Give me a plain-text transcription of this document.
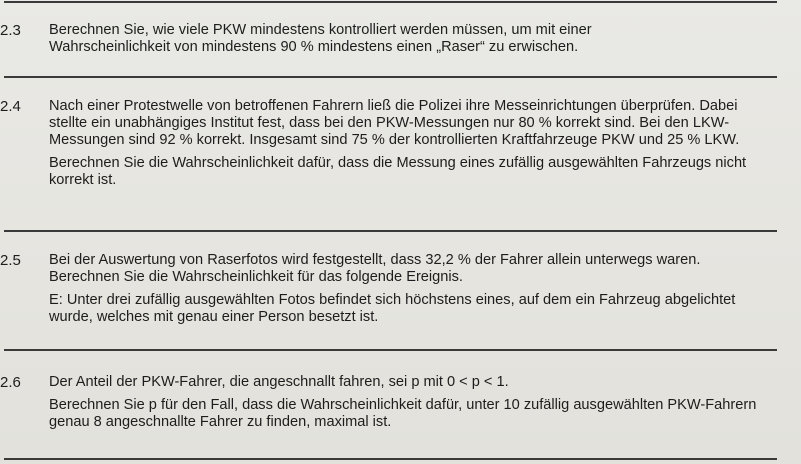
2.3 Berechnen Sie, wie viele PKW mindestens kontrolliert werden müssen, um mit einer Wahrscheinlichkeit von mindestens 90 % mindestens einen „Raser“ zu erwischen.

2.4 Nach einer Protestwelle von betroffenen Fahrern ließ die Polizei ihre Messeinrichtungen überprüfen. Dabei stellte ein unabhängiges Institut fest, dass bei den PKW-Messungen nur 80 % korrekt sind. Bei den LKW-Messungen sind 92 % korrekt. Insgesamt sind 75 % der kontrollierten Kraftfahrzeuge PKW und 25 % LKW.

Berechnen Sie die Wahrscheinlichkeit dafür, dass die Messung eines zufällig ausgewählten Fahrzeugs nicht korrekt ist.

2.5 Bei der Auswertung von Raserfotos wird festgestellt, dass 32,2 % der Fahrer allein unterwegs waren. Berechnen Sie die Wahrscheinlichkeit für das folgende Ereignis.

E: Unter drei zufällig ausgewählten Fotos befindet sich höchstens eines, auf dem ein Fahrzeug abgelichtet wurde, welches mit genau einer Person besetzt ist.

2.6 Der Anteil der PKW-Fahrer, die angeschnallt fahren, sei p mit 0 < p < 1.

Berechnen Sie p für den Fall, dass die Wahrscheinlichkeit dafür, unter 10 zufällig ausgewählten PKW-Fahrern genau 8 angeschnallte Fahrer zu finden, maximal ist.
